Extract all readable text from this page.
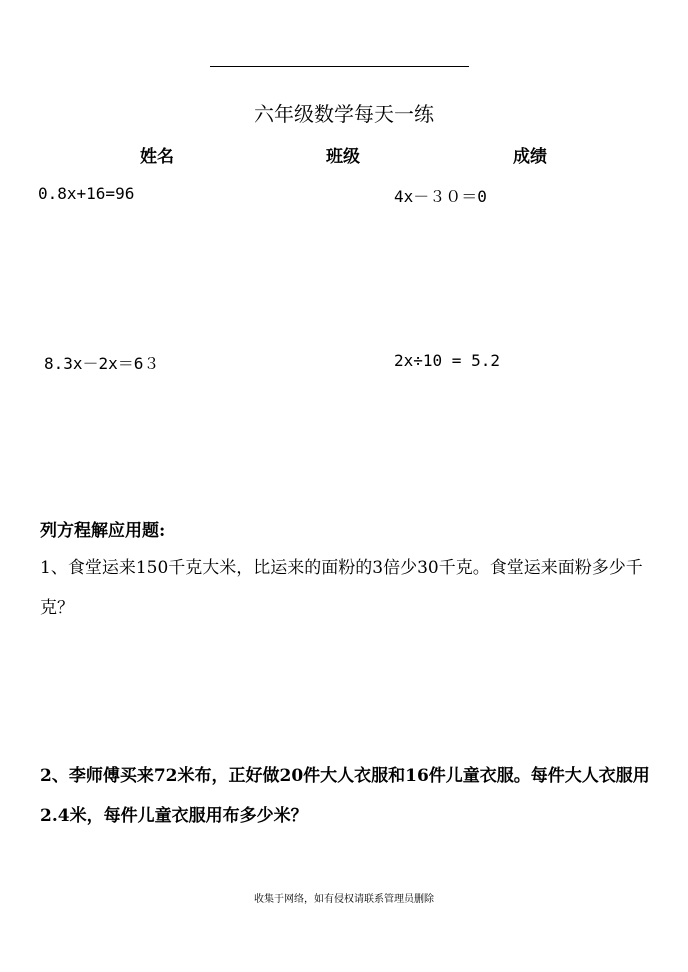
六年级数学每天一练
姓名	班级	成绩
0.8x+16=96	4x－３０＝0
8.3x－2x＝6３	2x÷10 = 5.2
列方程解应用题:
1、食堂运来150千克大米，比运来的面粉的3倍少30千克。食堂运来面粉多少千克？
2、李师傅买来72米布，正好做20件大人衣服和16件儿童衣服。每件大人衣服用2.4米，每件儿童衣服用布多少米？
收集于网络，如有侵权请联系管理员删除
